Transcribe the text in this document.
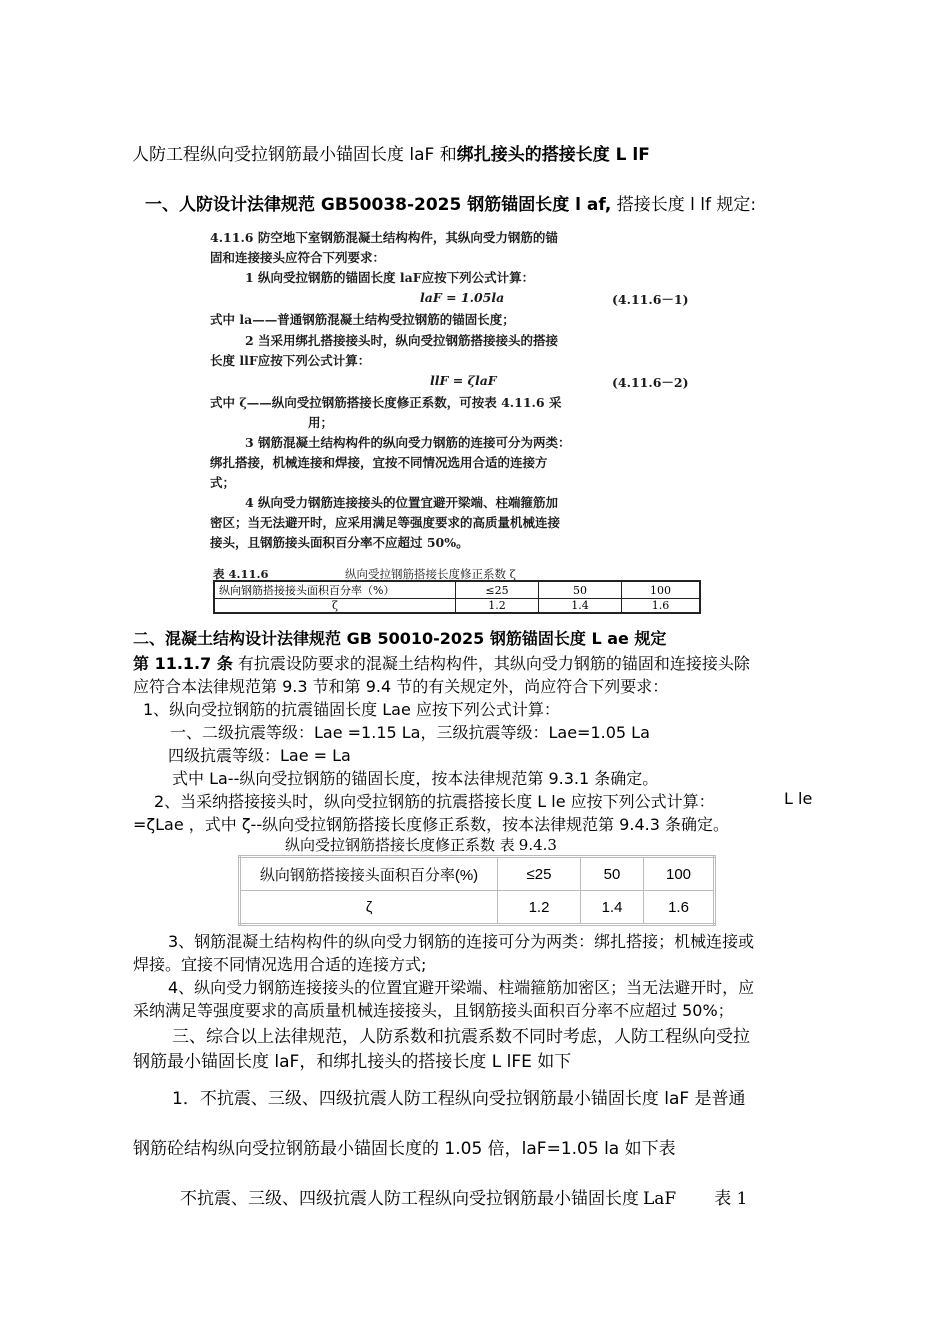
人防工程纵向受拉钢筋最小锚固长度 laF 和绑扎接头的搭接长度 L lF
一、人防设计法律规范 GB50038-2025 钢筋锚固长度 l af, 搭接长度 l lf 规定:
4.11.6 防空地下室钢筋混凝土结构构件，其纵向受力钢筋的锚
固和连接接头应符合下列要求：
1 纵向受拉钢筋的锚固长度 laF应按下列公式计算：
laF = 1.05la	(4.11.6－1)
式中 la——普通钢筋混凝土结构受拉钢筋的锚固长度；
2 当采用绑扎搭接接头时，纵向受拉钢筋搭接接头的搭接
长度 llF应按下列公式计算：
llF = ζlaF	(4.11.6－2)
式中 ζ——纵向受拉钢筋搭接长度修正系数，可按表 4.11.6 采
用；
3 钢筋混凝土结构构件的纵向受力钢筋的连接可分为两类：
绑扎搭接，机械连接和焊接，宜按不同情况选用合适的连接方
式；
4 纵向受力钢筋连接接头的位置宜避开梁端、柱端箍筋加
密区；当无法避开时，应采用满足等强度要求的高质量机械连接
接头，且钢筋接头面积百分率不应超过 50%。
表 4.11.6	纵向受拉钢筋搭接长度修正系数 ζ
纵向钢筋搭接接头面积百分率（%）	≤25	50	100
ζ	1.2	1.4	1.6
二、混凝土结构设计法律规范 GB 50010-2025 钢筋锚固长度 L ae 规定
第 11.1.7 条 有抗震设防要求的混凝土结构构件，其纵向受力钢筋的锚固和连接接头除
应符合本法律规范第 9.3 节和第 9.4 节的有关规定外，尚应符合下列要求：
1、纵向受拉钢筋的抗震锚固长度 Lae 应按下列公式计算：
一、二级抗震等级：Lae =1.15 La，三级抗震等级：Lae=1.05 La
四级抗震等级：Lae = La
式中 La--纵向受拉钢筋的锚固长度，按本法律规范第 9.3.1 条确定。
2、当采纳搭接接头时，纵向受拉钢筋的抗震搭接长度 L le 应按下列公式计算：	L le
=ζLae ，式中 ζ--纵向受拉钢筋搭接长度修正系数，按本法律规范第 9.4.3 条确定。
纵向受拉钢筋搭接长度修正系数 表 9.4.3
纵向钢筋搭接接头面积百分率(%)	≤25	50	100
ζ	1.2	1.4	1.6
3、钢筋混凝土结构构件的纵向受力钢筋的连接可分为两类：绑扎搭接；机械连接或
焊接。宜接不同情况选用合适的连接方式;
4、纵向受力钢筋连接接头的位置宜避开梁端、柱端箍筋加密区；当无法避开时，应
采纳满足等强度要求的高质量机械连接接头，且钢筋接头面积百分率不应超过 50%；
三、综合以上法律规范，人防系数和抗震系数不同时考虑，人防工程纵向受拉
钢筋最小锚固长度 laF，和绑扎接头的搭接长度 L lFE 如下
1．不抗震、三级、四级抗震人防工程纵向受拉钢筋最小锚固长度 laF 是普通
钢筋砼结构纵向受拉钢筋最小锚固长度的 1.05 倍，laF=1.05 la 如下表
不抗震、三级、四级抗震人防工程纵向受拉钢筋最小锚固长度 LaF 表 1
